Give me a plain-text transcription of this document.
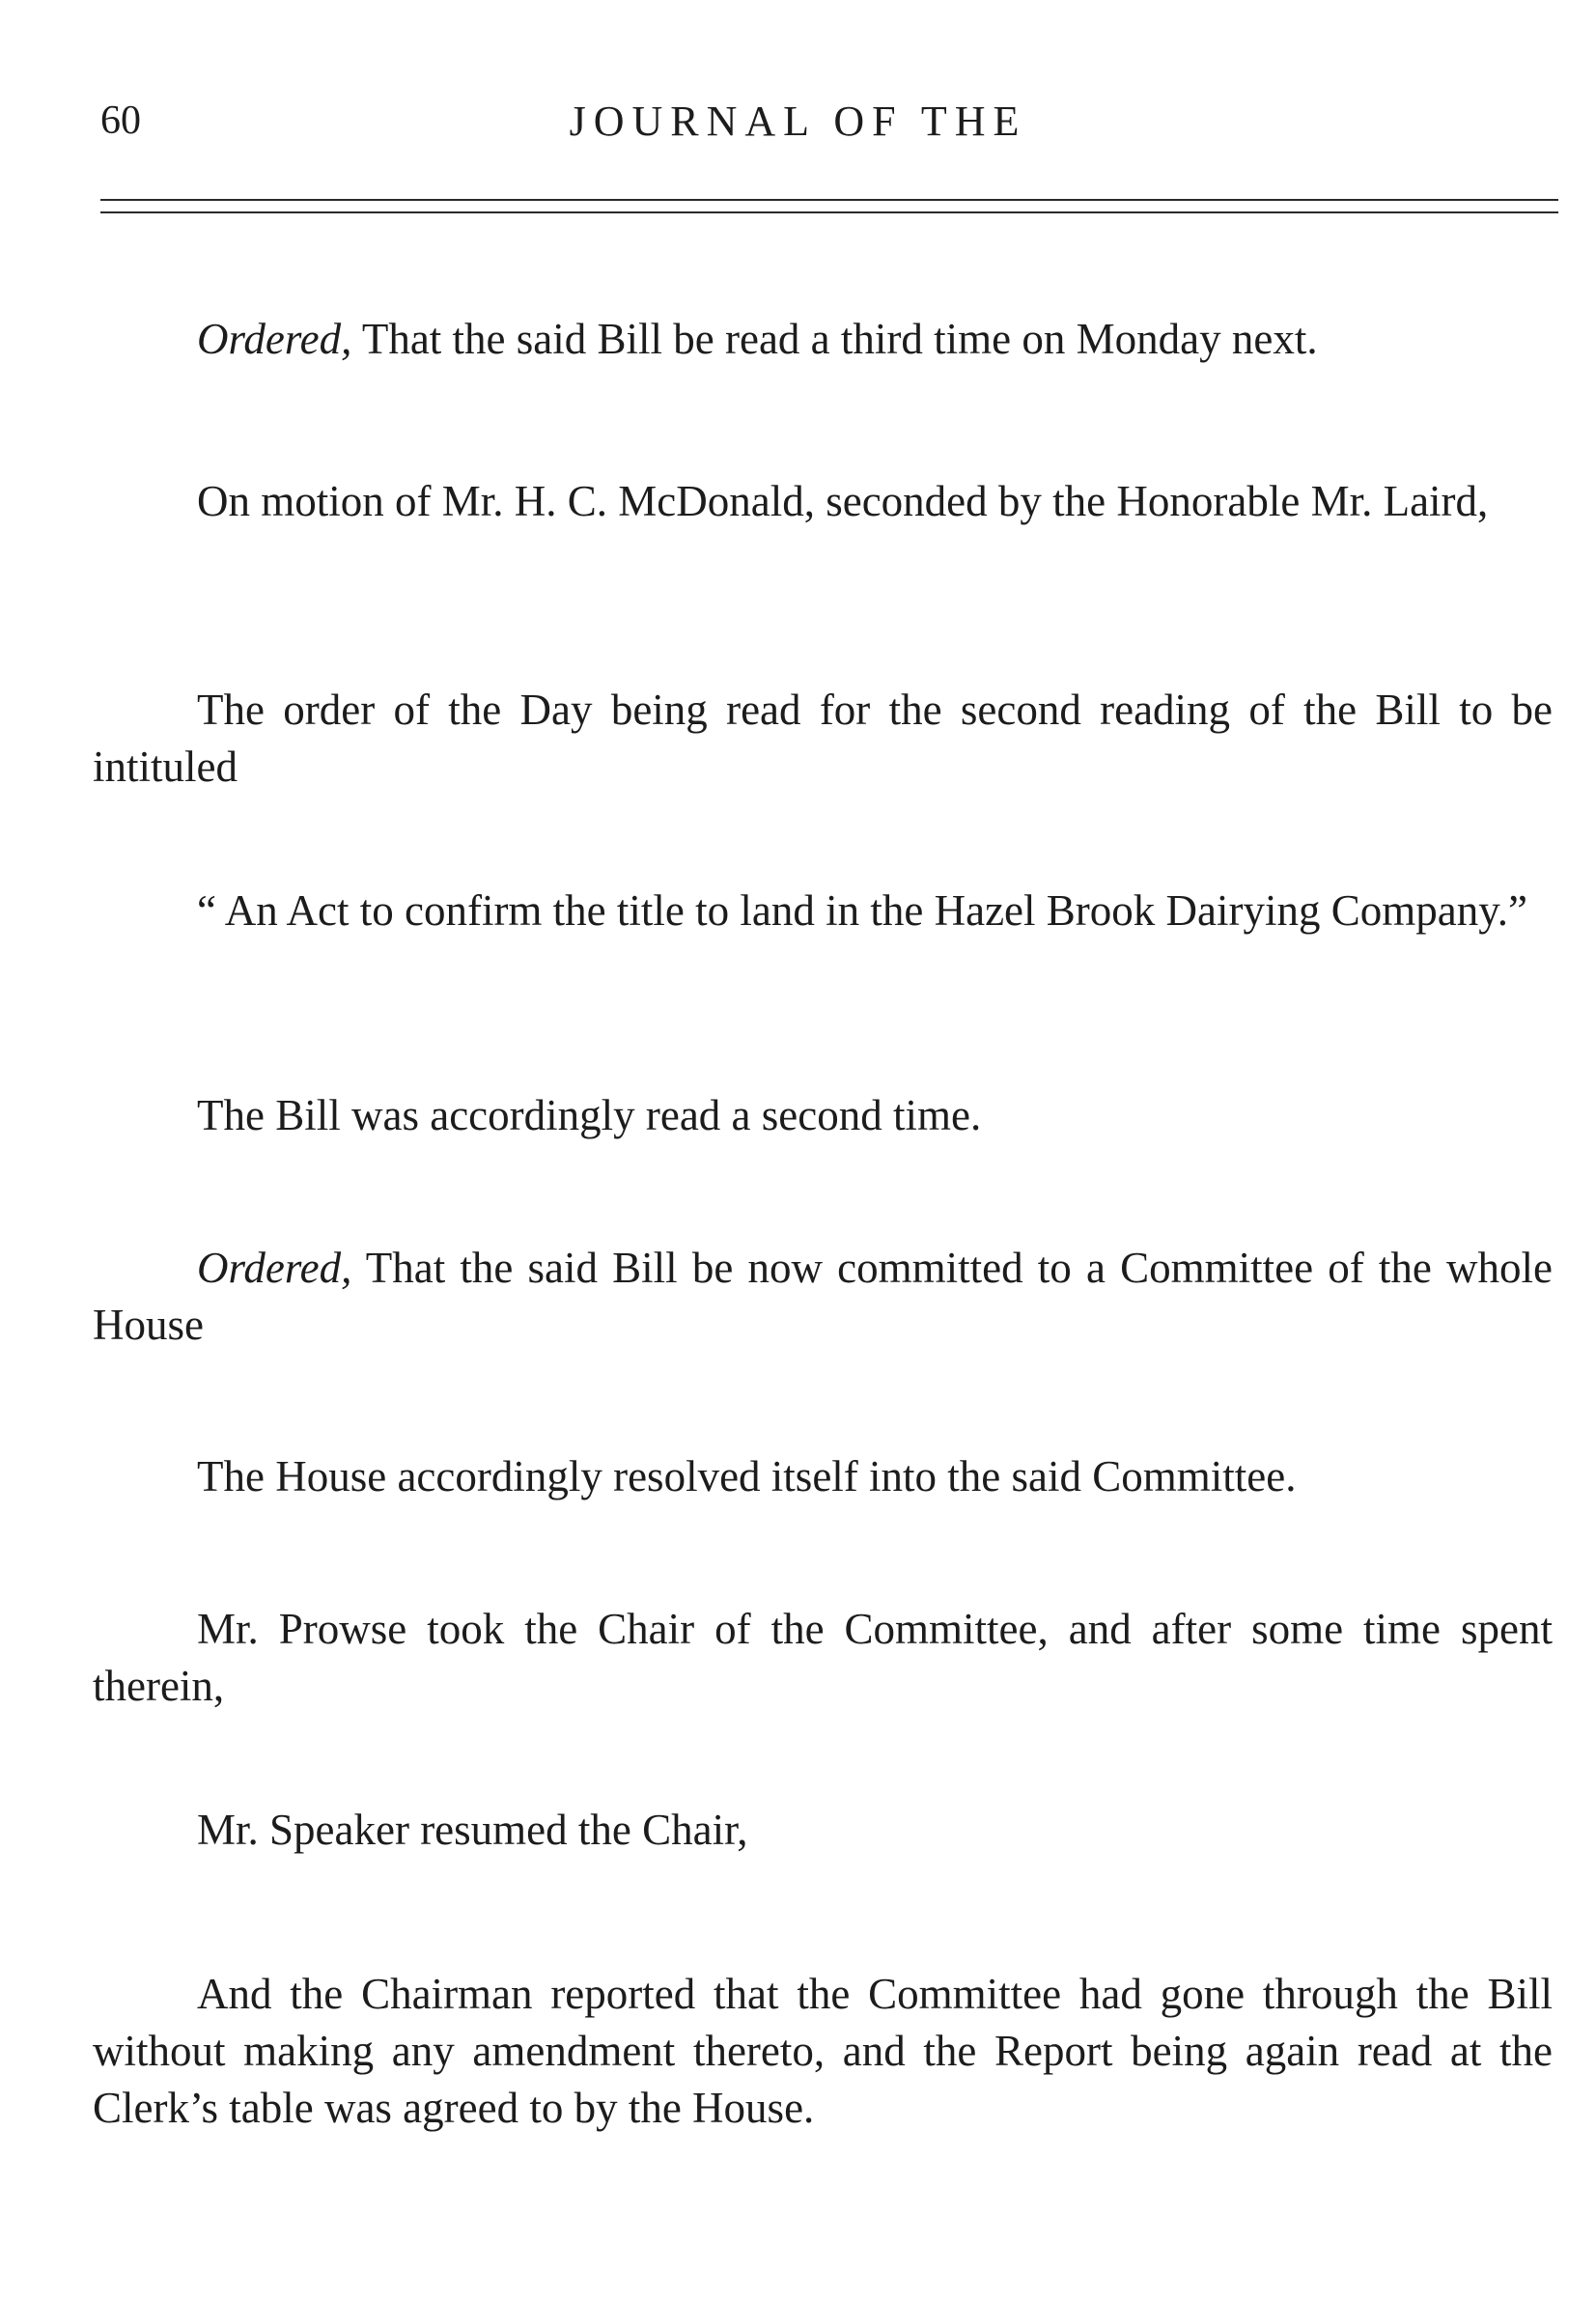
60	JOURNAL OF THE

Ordered, That the said Bill be read a third time on Monday next.

On motion of Mr. H. C. McDonald, seconded by the Honorable Mr. Laird,

The order of the Day being read for the second reading of the Bill to be intituled

“ An Act to confirm the title to land in the Hazel Brook Dairying Company.”

The Bill was accordingly read a second time.

Ordered, That the said Bill be now committed to a Committee of the whole House

The House accordingly resolved itself into the said Committee.

Mr. Prowse took the Chair of the Committee, and after some time spent therein,

Mr. Speaker resumed the Chair,

And the Chairman reported that the Committee had gone through the Bill without making any amendment thereto, and the Report being again read at the Clerk’s table was agreed to by the House.
